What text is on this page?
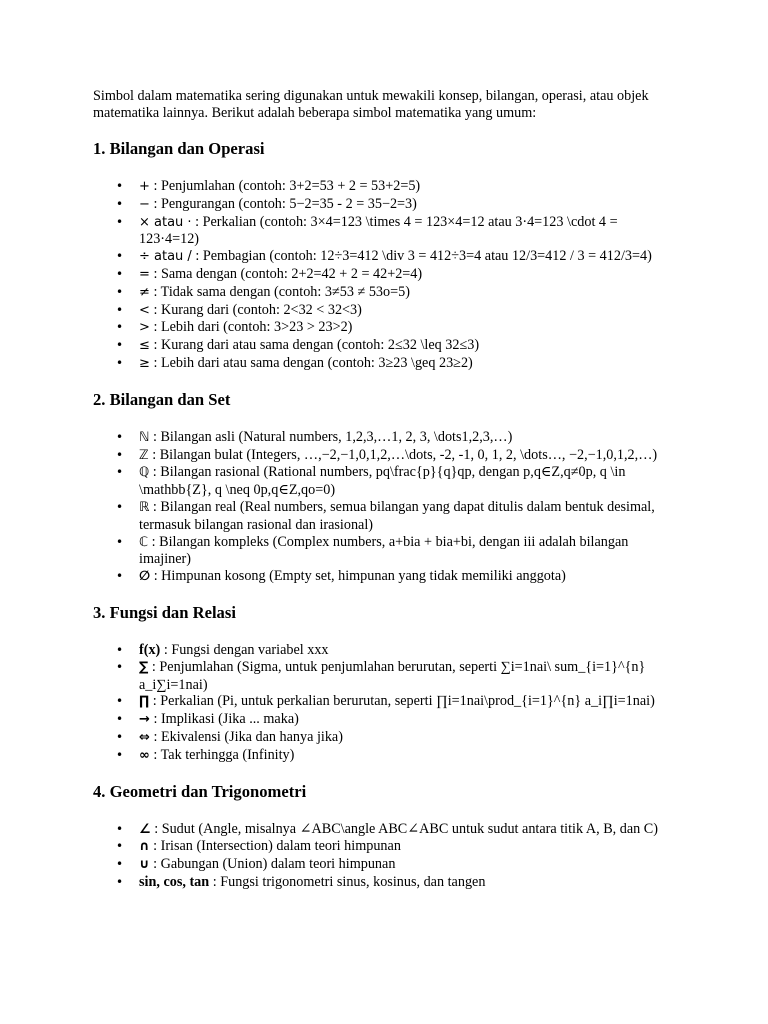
Simbol dalam matematika sering digunakan untuk mewakili konsep, bilangan, operasi, atau objek matematika lainnya. Berikut adalah beberapa simbol matematika yang umum:

1. Bilangan dan Operasi
• + : Penjumlahan (contoh: 3+2=53 + 2 = 53+2=5)
• − : Pengurangan (contoh: 5−2=35 - 2 = 35−2=3)
• × atau · : Perkalian (contoh: 3×4=123 \times 4 = 123×4=12 atau 3·4=123 \cdot 4 = 123·4=12)
• ÷ atau / : Pembagian (contoh: 12÷3=412 \div 3 = 412÷3=4 atau 12/3=412 / 3 = 412/3=4)
• = : Sama dengan (contoh: 2+2=42 + 2 = 42+2=4)
• ≠ : Tidak sama dengan (contoh: 3≠53 ≠ 53o=5)
• < : Kurang dari (contoh: 2<32 < 32<3)
• > : Lebih dari (contoh: 3>23 > 23>2)
• ≤ : Kurang dari atau sama dengan (contoh: 2≤32 \leq 32≤3)
• ≥ : Lebih dari atau sama dengan (contoh: 3≥23 \geq 23≥2)
2. Bilangan dan Set
• ℕ : Bilangan asli (Natural numbers, 1,2,3,…1, 2, 3, \dots1,2,3,…)
• ℤ : Bilangan bulat (Integers, …,−2,−1,0,1,2,…\dots, -2, -1, 0, 1, 2, \dots…, −2,−1,0,1,2,…)
• ℚ : Bilangan rasional (Rational numbers, pq\frac{p}{q}qp, dengan p,q∈Z,q≠0p, q \in \mathbb{Z}, q \neq 0p,q∈Z,qo=0)
• ℝ : Bilangan real (Real numbers, semua bilangan yang dapat ditulis dalam bentuk desimal, termasuk bilangan rasional dan irasional)
• ℂ : Bilangan kompleks (Complex numbers, a+bia + bia+bi, dengan iii adalah bilangan imajiner)
• ∅ : Himpunan kosong (Empty set, himpunan yang tidak memiliki anggota)
3. Fungsi dan Relasi
• f(x) : Fungsi dengan variabel xxx
• ∑ : Penjumlahan (Sigma, untuk penjumlahan berurutan, seperti ∑i=1nai\ sum_{i=1}^{n} a_i∑i=1nai)
• ∏ : Perkalian (Pi, untuk perkalian berurutan, seperti ∏i=1nai\prod_{i=1}^{n} a_i∏i=1nai)
• → : Implikasi (Jika ... maka)
• ⇔ : Ekivalensi (Jika dan hanya jika)
• ∞ : Tak terhingga (Infinity)
4. Geometri dan Trigonometri
• ∠ : Sudut (Angle, misalnya ∠ABC\angle ABC∠ABC untuk sudut antara titik A, B, dan C)
• ∩ : Irisan (Intersection) dalam teori himpunan
• ∪ : Gabungan (Union) dalam teori himpunan
• sin, cos, tan : Fungsi trigonometri sinus, kosinus, dan tangen
